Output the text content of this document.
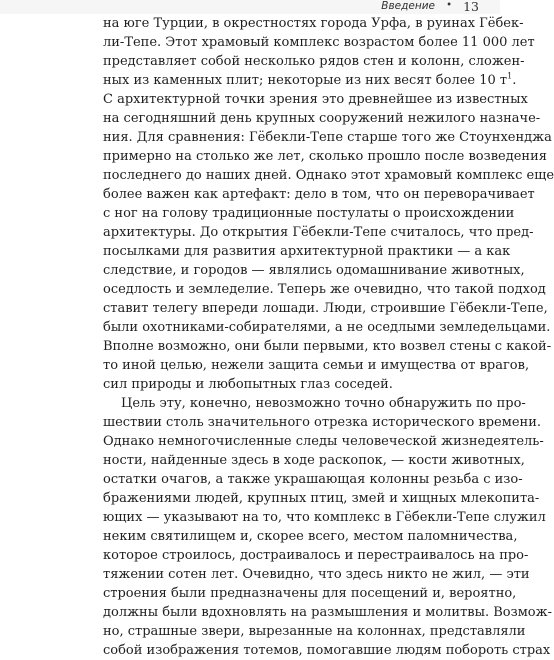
Введение • 13
на юге Турции, в окрестностях города Урфа, в руинах Гёбек-
ли-Тепе. Этот храмовый комплекс возрастом более 11 000 лет
представляет собой несколько рядов стен и колонн, сложен-
ных из каменных плит; некоторые из них весят более 10 $т^1$.
С архитектурной точки зрения это древнейшее из известных
на сегодняшний день крупных сооружений нежилого назначе-
ния. Для сравнения: Гёбекли-Тепе старше того же Стоунхенджа
примерно на столько же лет, сколько прошло после возведения
последнего до наших дней. Однако этот храмовый комплекс еще
более важен как артефакт: дело в том, что он переворачивает
с ног на голову традиционные постулаты о происхождении
архитектуры. До открытия Гёбекли-Тепе считалось, что пред-
посылками для развития архитектурной практики — а как
следствие, и городов — являлись одомашнивание животных,
оседлость и земледелие. Теперь же очевидно, что такой подход
ставит телегу впереди лошади. Люди, строившие Гёбекли-Тепе,
были охотниками-собирателями, а не оседлыми земледельцами.
Вполне возможно, они были первыми, кто возвел стены с какой-
то иной целью, нежели защита семьи и имущества от врагов,
сил природы и любопытных глаз соседей.
Цель эту, конечно, невозможно точно обнаружить по про-
шествии столь значительного отрезка исторического времени.
Однако немногочисленные следы человеческой жизнедеятель-
ности, найденные здесь в ходе раскопок, — кости животных,
остатки очагов, а также украшающая колонны резьба с изо-
бражениями людей, крупных птиц, змей и хищных млекопита-
ющих — указывают на то, что комплекс в Гёбекли-Тепе служил
неким святилищем и, скорее всего, местом паломничества,
которое строилось, достраивалось и перестраивалось на про-
тяжении сотен лет. Очевидно, что здесь никто не жил, — эти
строения были предназначены для посещений и, вероятно,
должны были вдохновлять на размышления и молитвы. Возмож-
но, страшные звери, вырезанные на колоннах, представляли
собой изображения тотемов, помогавшие людям побороть страх
